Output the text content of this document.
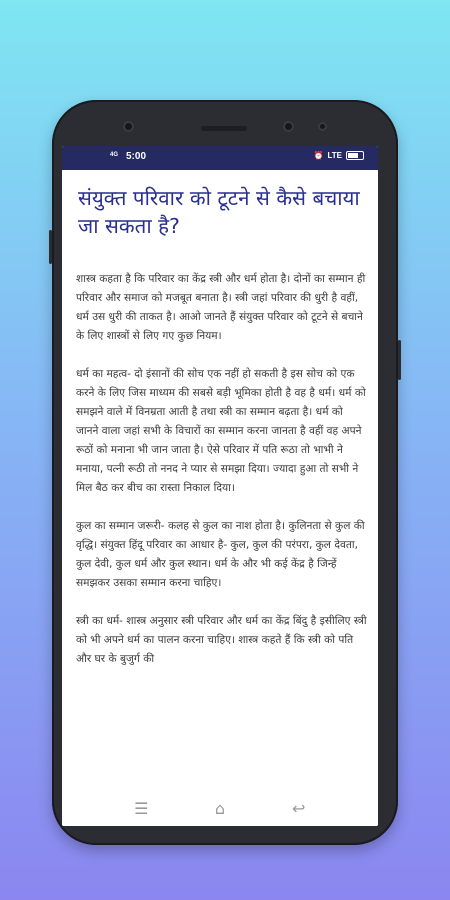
4G 5:00	⏰ LTE
संयुक्त परिवार को टूटने से कैसे बचाया जा सकता है?

शास्त्र कहता है कि परिवार का केंद्र स्त्री और धर्म होता है। दोनों का सम्मान ही परिवार और समाज को मजबूत बनाता है। स्त्री जहां परिवार की धुरी है वहीं, धर्म उस धुरी की ताकत है। आओ जानते हैं संयुक्त परिवार को टूटने से बचाने के लिए शास्त्रों से लिए गए कुछ नियम।

धर्म का महत्व- दो इंसानों की सोच एक नहीं हो सकती है इस सोच को एक करने के लिए जिस माध्यम की सबसे बड़ी भूमिका होती है वह है धर्म। धर्म को समझने वाले में विनम्रता आती है तथा स्त्री का सम्मान बढ़ता है। धर्म को जानने वाला जहां सभी के विचारों का सम्मान करना जानता है वहीं वह अपने रूठों को मनाना भी जान जाता है। ऐसे परिवार में पति रूठा तो भाभी ने मनाया, पत्नी रूठी तो ननद ने प्यार से समझा दिया। ज्यादा हुआ तो सभी ने मिल बैठ कर बीच का रास्ता निकाल दिया।

कुल का सम्मान जरूरी- कलह से कुल का नाश होता है। कुलिनता से कुल की वृद्धि। संयुक्त हिंदू परिवार का आधार है- कुल, कुल की परंपरा, कुल देवता, कुल देवी, कुल धर्म और कुल स्थान। धर्म के और भी कई केंद्र है जिन्हें समझकर उसका सम्मान करना चाहिए।

स्त्री का धर्म- शास्त्र अनुसार स्त्री परिवार और धर्म का केंद्र बिंदु है इसीलिए स्त्री को भी अपने धर्म का पालन करना चाहिए। शास्त्र कहते हैं कि स्त्री को पति और घर के बुजुर्ग की

☰	⌂	↩
